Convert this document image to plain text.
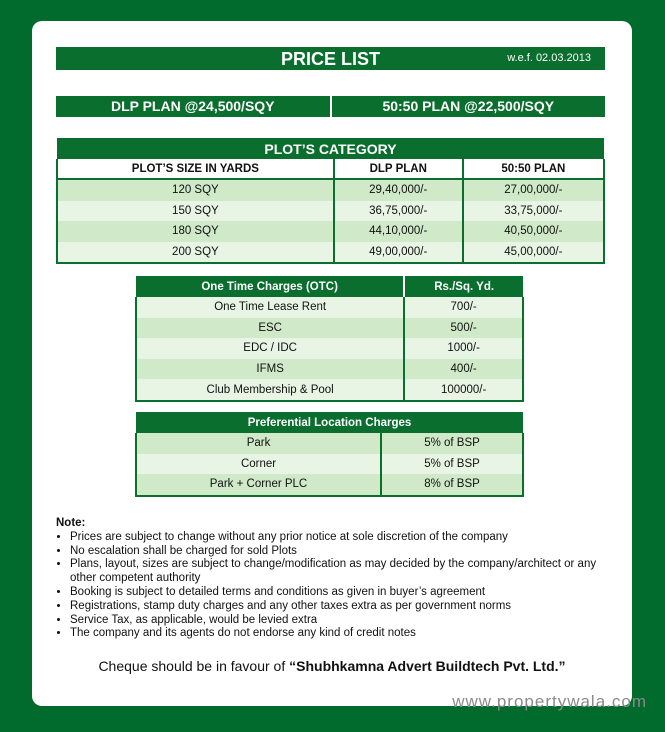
PRICE LIST	w.e.f. 02.03.2013
DLP PLAN @24,500/SQY	50:50 PLAN @22,500/SQY
PLOT’S CATEGORY		
PLOT’S SIZE IN YARDS	DLP PLAN	50:50 PLAN
120 SQY	29,40,000/-	27,00,000/-
150 SQY	36,75,000/-	33,75,000/-
180 SQY	44,10,000/-	40,50,000/-
200 SQY	49,00,000/-	45,00,000/-
One Time Charges (OTC)	Rs./Sq. Yd.
One Time Lease Rent	700/-
ESC	500/-
EDC / IDC	1000/-
IFMS	400/-
Club Membership & Pool	100000/-
Preferential Location Charges	
Park	5% of BSP
Corner	5% of BSP
Park + Corner PLC	8% of BSP
Note:
• Prices are subject to change without any prior notice at sole discretion of the company
• No escalation shall be charged for sold Plots
• Plans, layout, sizes are subject to change/modification as may decided by the company/architect or any other competent authority
• Booking is subject to detailed terms and conditions as given in buyer’s agreement
• Registrations, stamp duty charges and any other taxes extra as per government norms
• Service Tax, as applicable, would be levied extra
• The company and its agents do not endorse any kind of credit notes
Cheque should be in favour of “Shubhkamna Advert Buildtech Pvt. Ltd.”
www.propertywala.com
